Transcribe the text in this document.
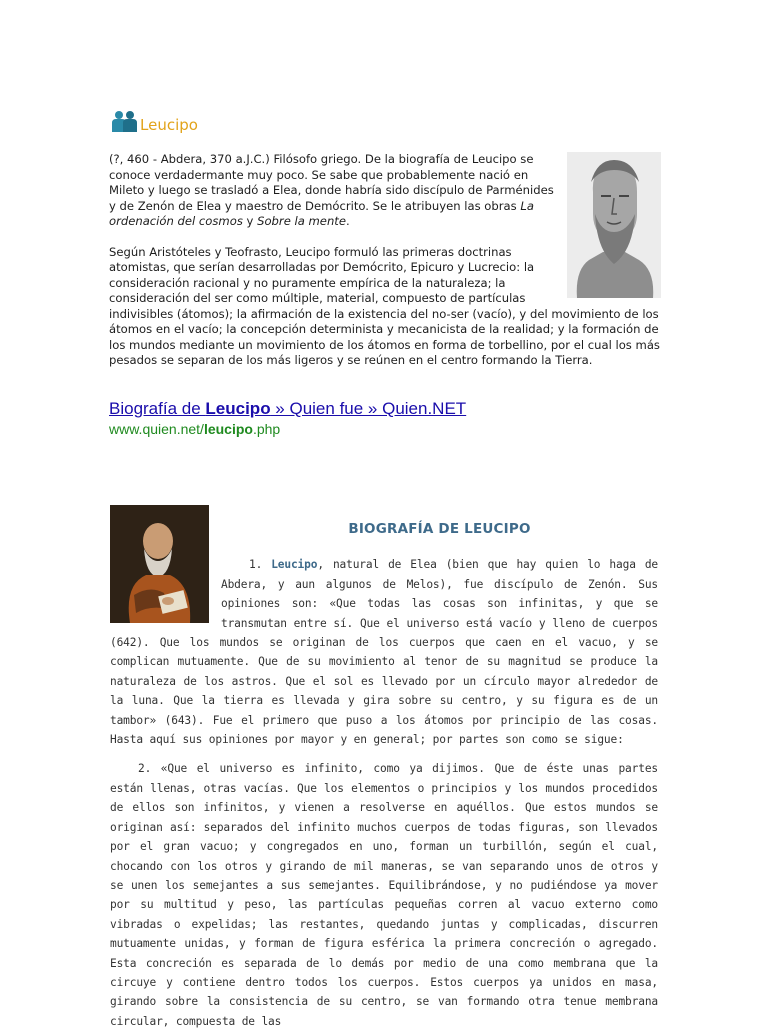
Leucipo

(?, 460 - Abdera, 370 a.J.C.) Filósofo griego. De la biografía de Leucipo se conoce verdadermante muy poco. Se sabe que probablemente nació en Mileto y luego se trasladó a Elea, donde habría sido discípulo de Parménides y de Zenón de Elea y maestro de Demócrito. Se le atribuyen las obras La ordenación del cosmos y Sobre la mente.

Según Aristóteles y Teofrasto, Leucipo formuló las primeras doctrinas atomistas, que serían desarrolladas por Demócrito, Epicuro y Lucrecio: la consideración racional y no puramente empírica de la naturaleza; la consideración del ser como múltiple, material, compuesto de partículas indivisibles (átomos); la afirmación de la existencia del no-ser (vacío), y del movimiento de los átomos en el vacío; la concepción determinista y mecanicista de la realidad; y la formación de los mundos mediante un movimiento de los átomos en forma de torbellino, por el cual los más pesados se separan de los más ligeros y se reúnen en el centro formando la Tierra.

Biografía de Leucipo » Quien fue » Quien.NET
www.quien.net/leucipo.php
BIOGRAFÍA DE LEUCIPO

1. Leucipo, natural de Elea (bien que hay quien lo haga de Abdera, y aun algunos de Melos), fue discípulo de Zenón. Sus opiniones son: «Que todas las cosas son infinitas, y que se transmutan entre sí. Que el universo está vacío y lleno de cuerpos (642). Que los mundos se originan de los cuerpos que caen en el vacuo, y se complican mutuamente. Que de su movimiento al tenor de su magnitud se produce la naturaleza de los astros. Que el sol es llevado por un círculo mayor alrededor de la luna. Que la tierra es llevada y gira sobre su centro, y su figura es de un tambor» (643). Fue el primero que puso a los átomos por principio de las cosas. Hasta aquí sus opiniones por mayor y en general; por partes son como se sigue:

2. «Que el universo es infinito, como ya dijimos. Que de éste unas partes están llenas, otras vacías. Que los elementos o principios y los mundos procedidos de ellos son infinitos, y vienen a resolverse en aquéllos. Que estos mundos se originan así: separados del infinito muchos cuerpos de todas figuras, son llevados por el gran vacuo; y congregados en uno, forman un turbillón, según el cual, chocando con los otros y girando de mil maneras, se van separando unos de otros y se unen los semejantes a sus semejantes. Equilibrándose, y no pudiéndose ya mover por su multitud y peso, las partículas pequeñas corren al vacuo externo como vibradas o expelidas; las restantes, quedando juntas y complicadas, discurren mutuamente unidas, y forman de figura esférica la primera concreción o agregado. Esta concreción es separada de lo demás por medio de una como membrana que la circuye y contiene dentro todos los cuerpos. Estos cuerpos ya unidos en masa, girando sobre la consistencia de su centro, se van formando otra tenue membrana circular, compuesta de las
